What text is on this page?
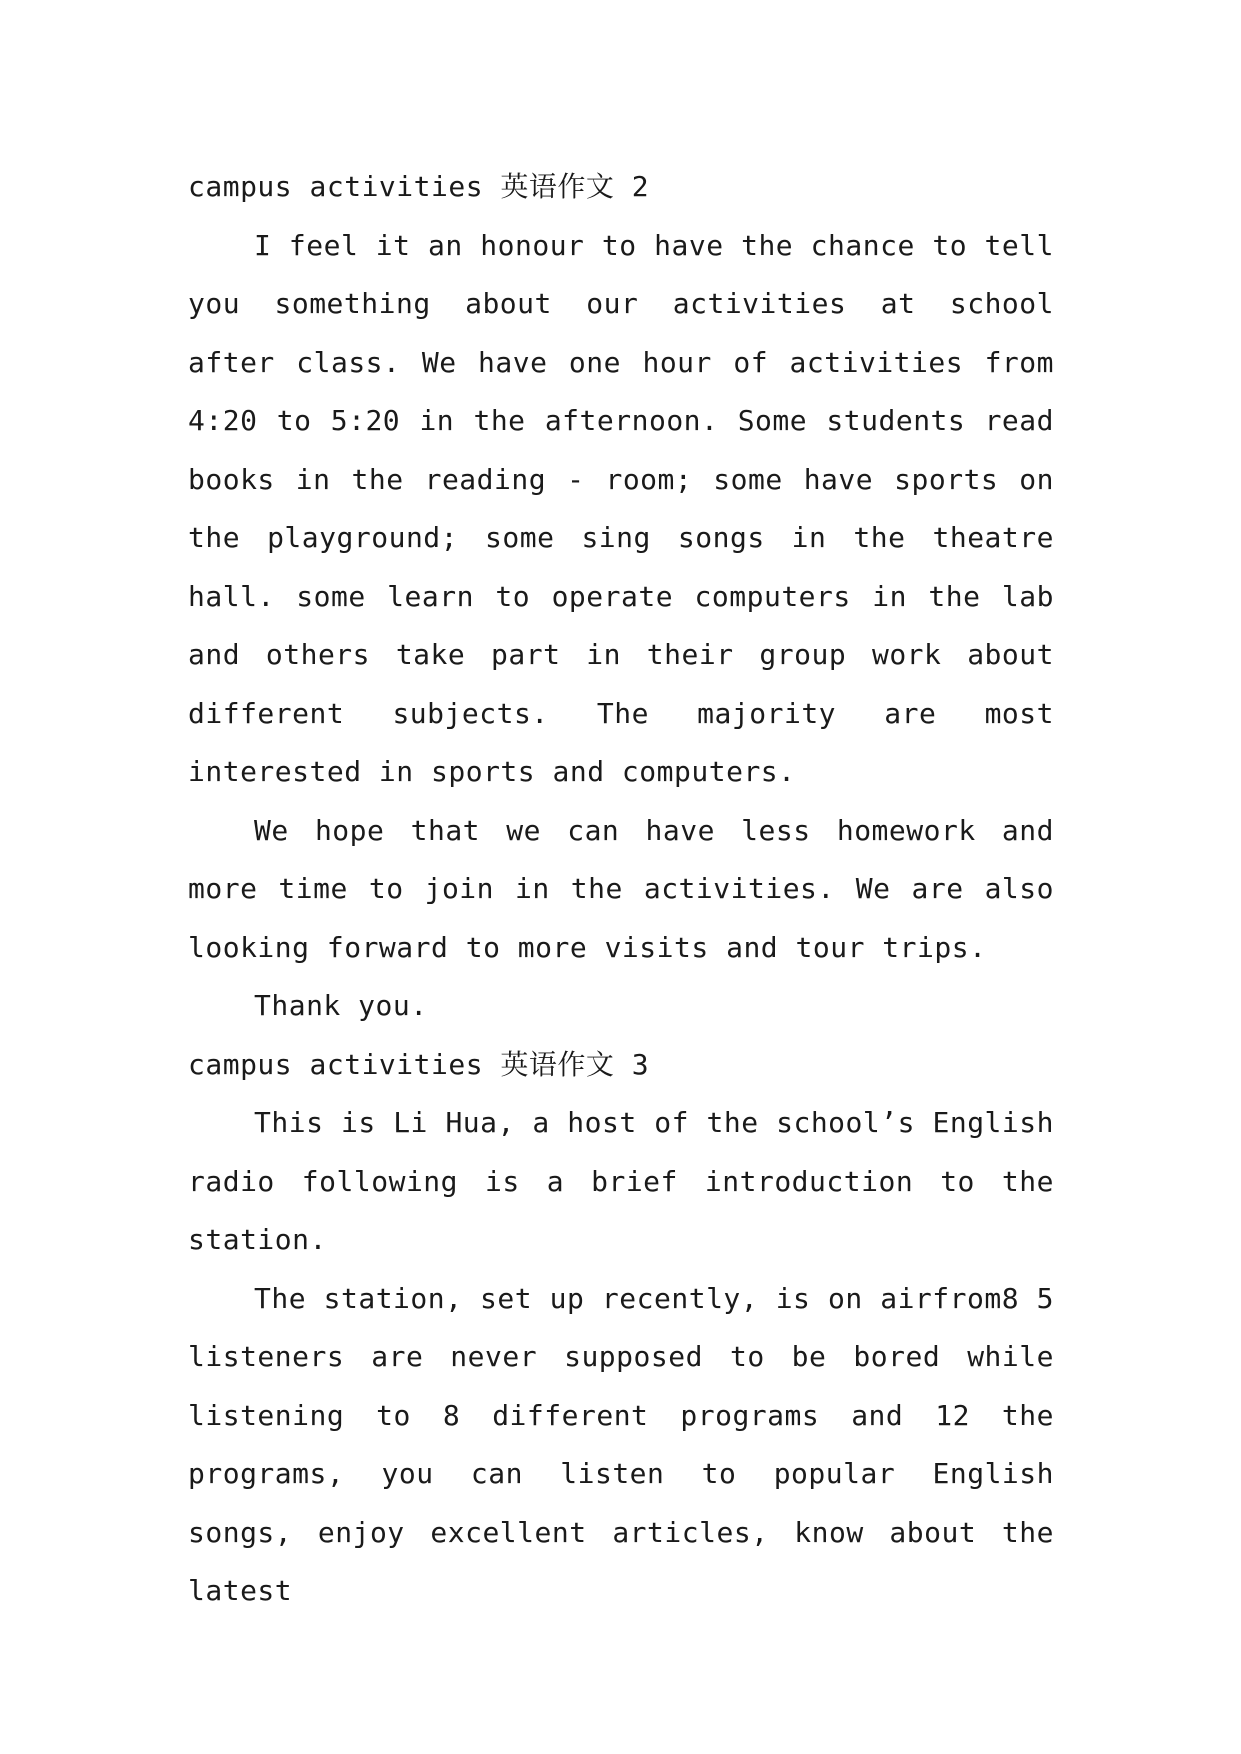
campus activities 英语作文 2

I feel it an honour to have the chance to tell you something about our activities at school after class. We have one hour of activities from 4:20 to 5:20 in the afternoon. Some students read books in the reading - room; some have sports on the playground; some sing songs in the theatre hall. some learn to operate computers in the lab and others take part in their group work about different subjects. The majority are most interested in sports and computers.

We hope that we can have less homework and more time to join in the activities. We are also looking forward to more visits and tour trips.

Thank you.

campus activities 英语作文 3

This is Li Hua, a host of the school’s English radio following is a brief introduction to the station.

The station, set up recently, is on airfrom8 5 listeners are never supposed to be bored while listening to 8 different programs and 12 the programs, you can listen to popular English songs, enjoy excellent articles, know about the latest
